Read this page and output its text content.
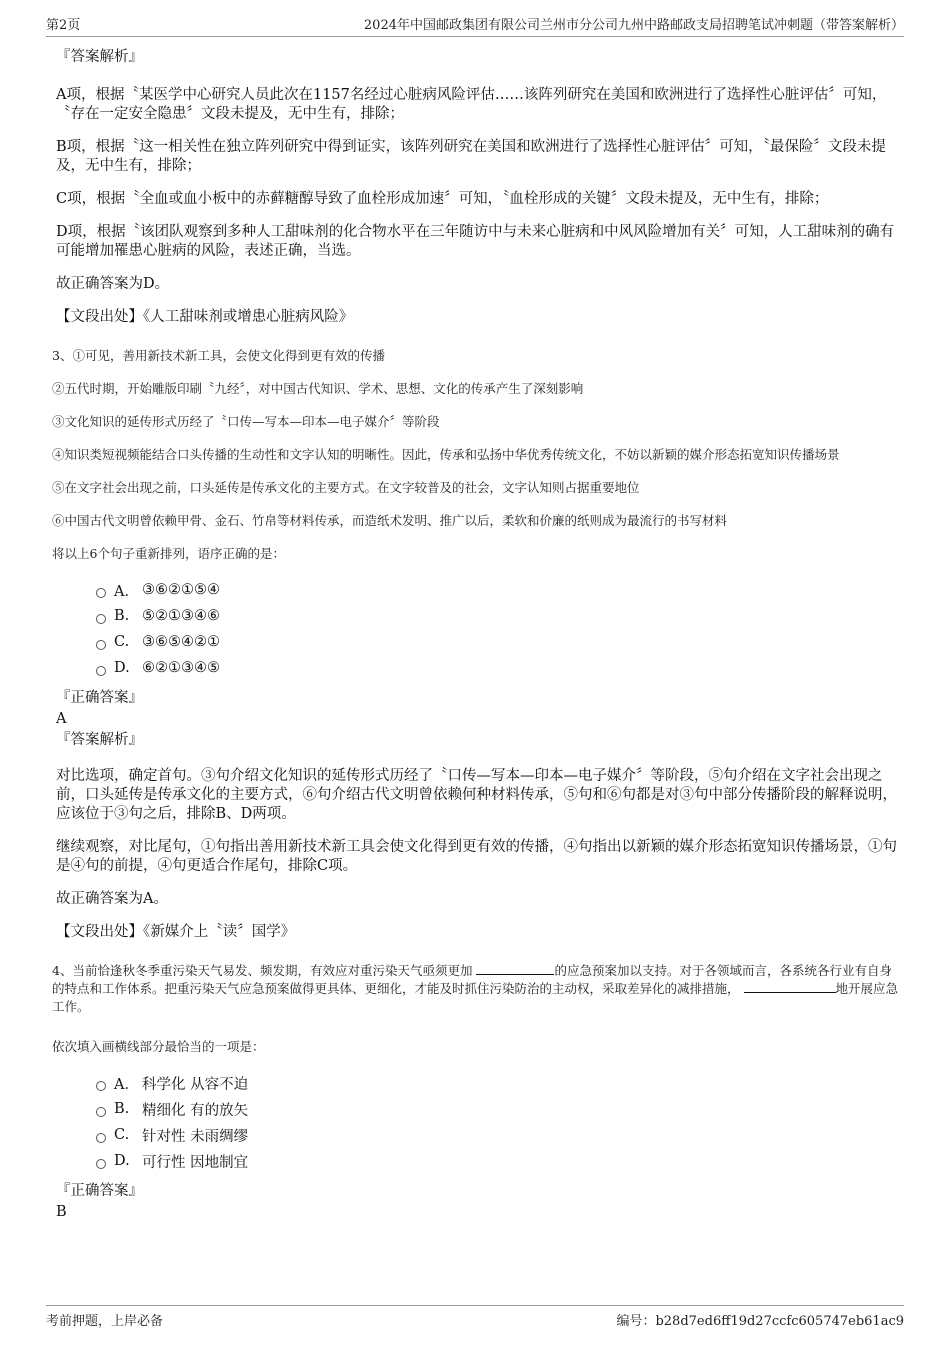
第2页	2024年中国邮政集团有限公司兰州市分公司九州中路邮政支局招聘笔试冲刺题（带答案解析）

『答案解析』

A项，根据〝某医学中心研究人员此次在1157名经过心脏病风险评估……该阵列研究在美国和欧洲进行了选择性心脏评估〞可知，〝存在一定安全隐患〞文段未提及，无中生有，排除；

B项，根据〝这一相关性在独立阵列研究中得到证实，该阵列研究在美国和欧洲进行了选择性心脏评估〞可知，〝最保险〞文段未提及，无中生有，排除；

C项，根据〝全血或血小板中的赤藓糖醇导致了血栓形成加速〞可知，〝血栓形成的关键〞文段未提及，无中生有，排除；

D项，根据〝该团队观察到多种人工甜味剂的化合物水平在三年随访中与未来心脏病和中风风险增加有关〞可知，人工甜味剂的确有可能增加罹患心脏病的风险，表述正确，当选。

故正确答案为D。

【文段出处】《人工甜味剂或增患心脏病风险》

3、①可见，善用新技术新工具，会使文化得到更有效的传播

②五代时期，开始雕版印刷〝九经〞，对中国古代知识、学术、思想、文化的传承产生了深刻影响

③文化知识的延传形式历经了〝口传—写本—印本—电子媒介〞等阶段

④知识类短视频能结合口头传播的生动性和文字认知的明晰性。因此，传承和弘扬中华优秀传统文化，不妨以新颖的媒介形态拓宽知识传播场景

⑤在文字社会出现之前，口头延传是传承文化的主要方式。在文字较普及的社会，文字认知则占据重要地位

⑥中国古代文明曾依赖甲骨、金石、竹帛等材料传承，而造纸术发明、推广以后，柔软和价廉的纸则成为最流行的书写材料

将以上6个句子重新排列，语序正确的是：

A． ③⑥②①⑤④
B. ⑤②①③④⑥
C. ③⑥⑤④②①
D. ⑥②①③④⑤

『正确答案』

A

『答案解析』

对比选项，确定首句。③句介绍文化知识的延传形式历经了〝口传—写本—印本—电子媒介〞等阶段，⑤句介绍在文字社会出现之前，口头延传是传承文化的主要方式，⑥句介绍古代文明曾依赖何种材料传承，⑤句和⑥句都是对③句中部分传播阶段的解释说明，应该位于③句之后，排除B、D两项。

继续观察，对比尾句，①句指出善用新技术新工具会使文化得到更有效的传播，④句指出以新颖的媒介形态拓宽知识传播场景，①句是④句的前提，④句更适合作尾句，排除C项。

故正确答案为A。

【文段出处】《新媒介上〝读〞国学》

4、当前恰逢秋冬季重污染天气易发、频发期，有效应对重污染天气亟须更加	的应急预案加以支持。对于各领域而言，各系统各行业有自身的特点和工作体系。把重污染天气应急预案做得更具体、更细化，才能及时抓住污染防治的主动权，采取差异化的减排措施，	地开展应急工作。

依次填入画横线部分最恰当的一项是：

A． 科学化 从容不迫
B. 精细化 有的放矢
C. 针对性 未雨绸缪
D. 可行性 因地制宜

『正确答案』

B

考前押题，上岸必备	编号：b28d7ed6ff19d27ccfc605747eb61ac9
